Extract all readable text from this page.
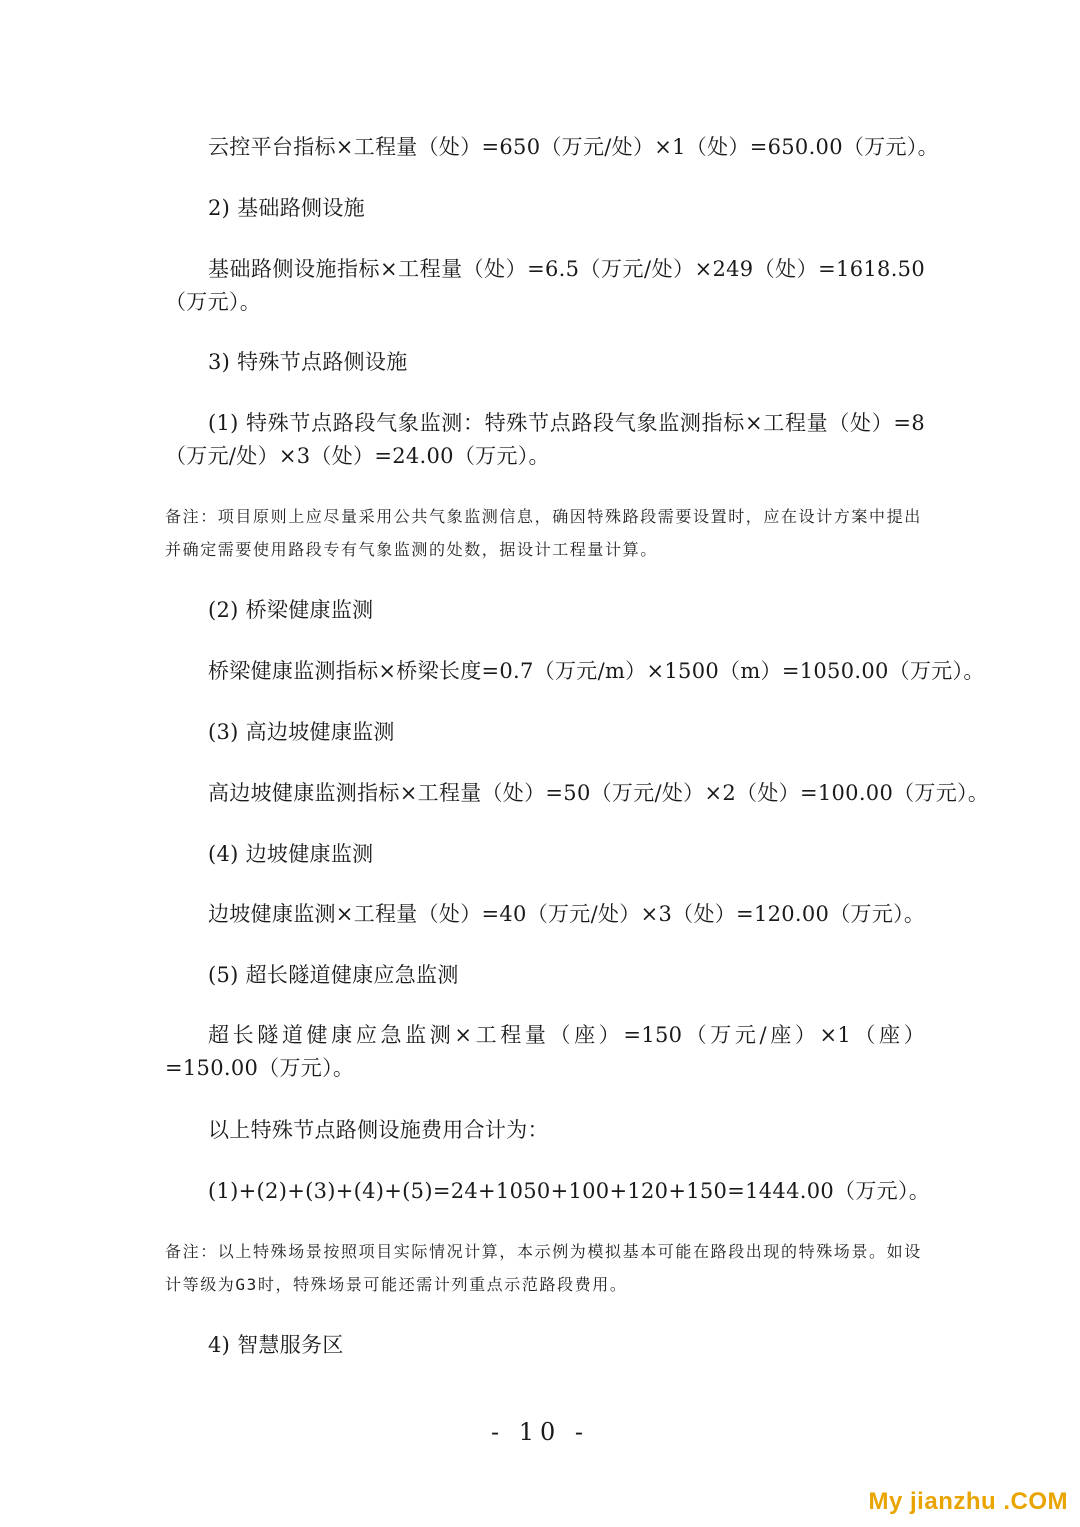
云控平台指标×工程量（处）=650（万元/处）×1（处）=650.00（万元）。
2) 基础路侧设施
基础路侧设施指标×工程量（处）=6.5（万元/处）×249（处）=1618.50（万元）。
3) 特殊节点路侧设施
(1) 特殊节点路段气象监测：特殊节点路段气象监测指标×工程量（处）=8（万元/处）×3（处）=24.00（万元）。
备注：项目原则上应尽量采用公共气象监测信息，确因特殊路段需要设置时，应在设计方案中提出并确定需要使用路段专有气象监测的处数，据设计工程量计算。
(2) 桥梁健康监测
桥梁健康监测指标×桥梁长度=0.7（万元/m）×1500（m）=1050.00（万元）。
(3) 高边坡健康监测
高边坡健康监测指标×工程量（处）=50（万元/处）×2（处）=100.00（万元）。
(4) 边坡健康监测
边坡健康监测×工程量（处）=40（万元/处）×3（处）=120.00（万元）。
(5) 超长隧道健康应急监测
超长隧道健康应急监测×工程量（座）=150（万元/座）×1（座）=150.00（万元）。
以上特殊节点路侧设施费用合计为：
(1)+(2)+(3)+(4)+(5)=24+1050+100+120+150=1444.00（万元）。
备注：以上特殊场景按照项目实际情况计算，本示例为模拟基本可能在路段出现的特殊场景。如设计等级为G3时，特殊场景可能还需计列重点示范路段费用。
4) 智慧服务区
- 10 -
My jianzhu .COM
